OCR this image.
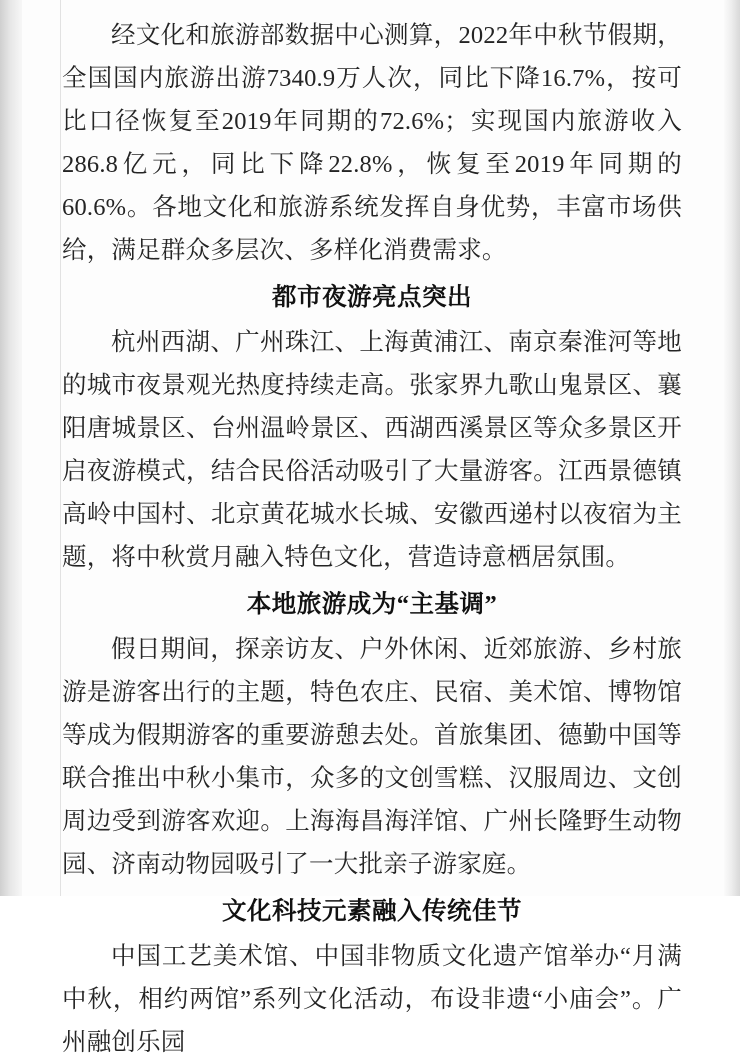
经文化和旅游部数据中心测算，2022年中秋节假期，全国国内旅游出游7340.9万人次，同比下降16.7%，按可比口径恢复至2019年同期的72.6%；实现国内旅游收入286.8亿元，同比下降22.8%，恢复至2019年同期的60.6%。各地文化和旅游系统发挥自身优势，丰富市场供给，满足群众多层次、多样化消费需求。

都市夜游亮点突出

杭州西湖、广州珠江、上海黄浦江、南京秦淮河等地的城市夜景观光热度持续走高。张家界九歌山鬼景区、襄阳唐城景区、台州温岭景区、西湖西溪景区等众多景区开启夜游模式，结合民俗活动吸引了大量游客。江西景德镇高岭中国村、北京黄花城水长城、安徽西递村以夜宿为主题，将中秋赏月融入特色文化，营造诗意栖居氛围。

本地旅游成为“主基调”

假日期间，探亲访友、户外休闲、近郊旅游、乡村旅游是游客出行的主题，特色农庄、民宿、美术馆、博物馆等成为假期游客的重要游憩去处。首旅集团、德勤中国等联合推出中秋小集市，众多的文创雪糕、汉服周边、文创周边受到游客欢迎。上海海昌海洋馆、广州长隆野生动物园、济南动物园吸引了一大批亲子游家庭。

文化科技元素融入传统佳节

中国工艺美术馆、中国非物质文化遗产馆举办“月满中秋，相约两馆”系列文化活动，布设非遗“小庙会”。广州融创乐园
